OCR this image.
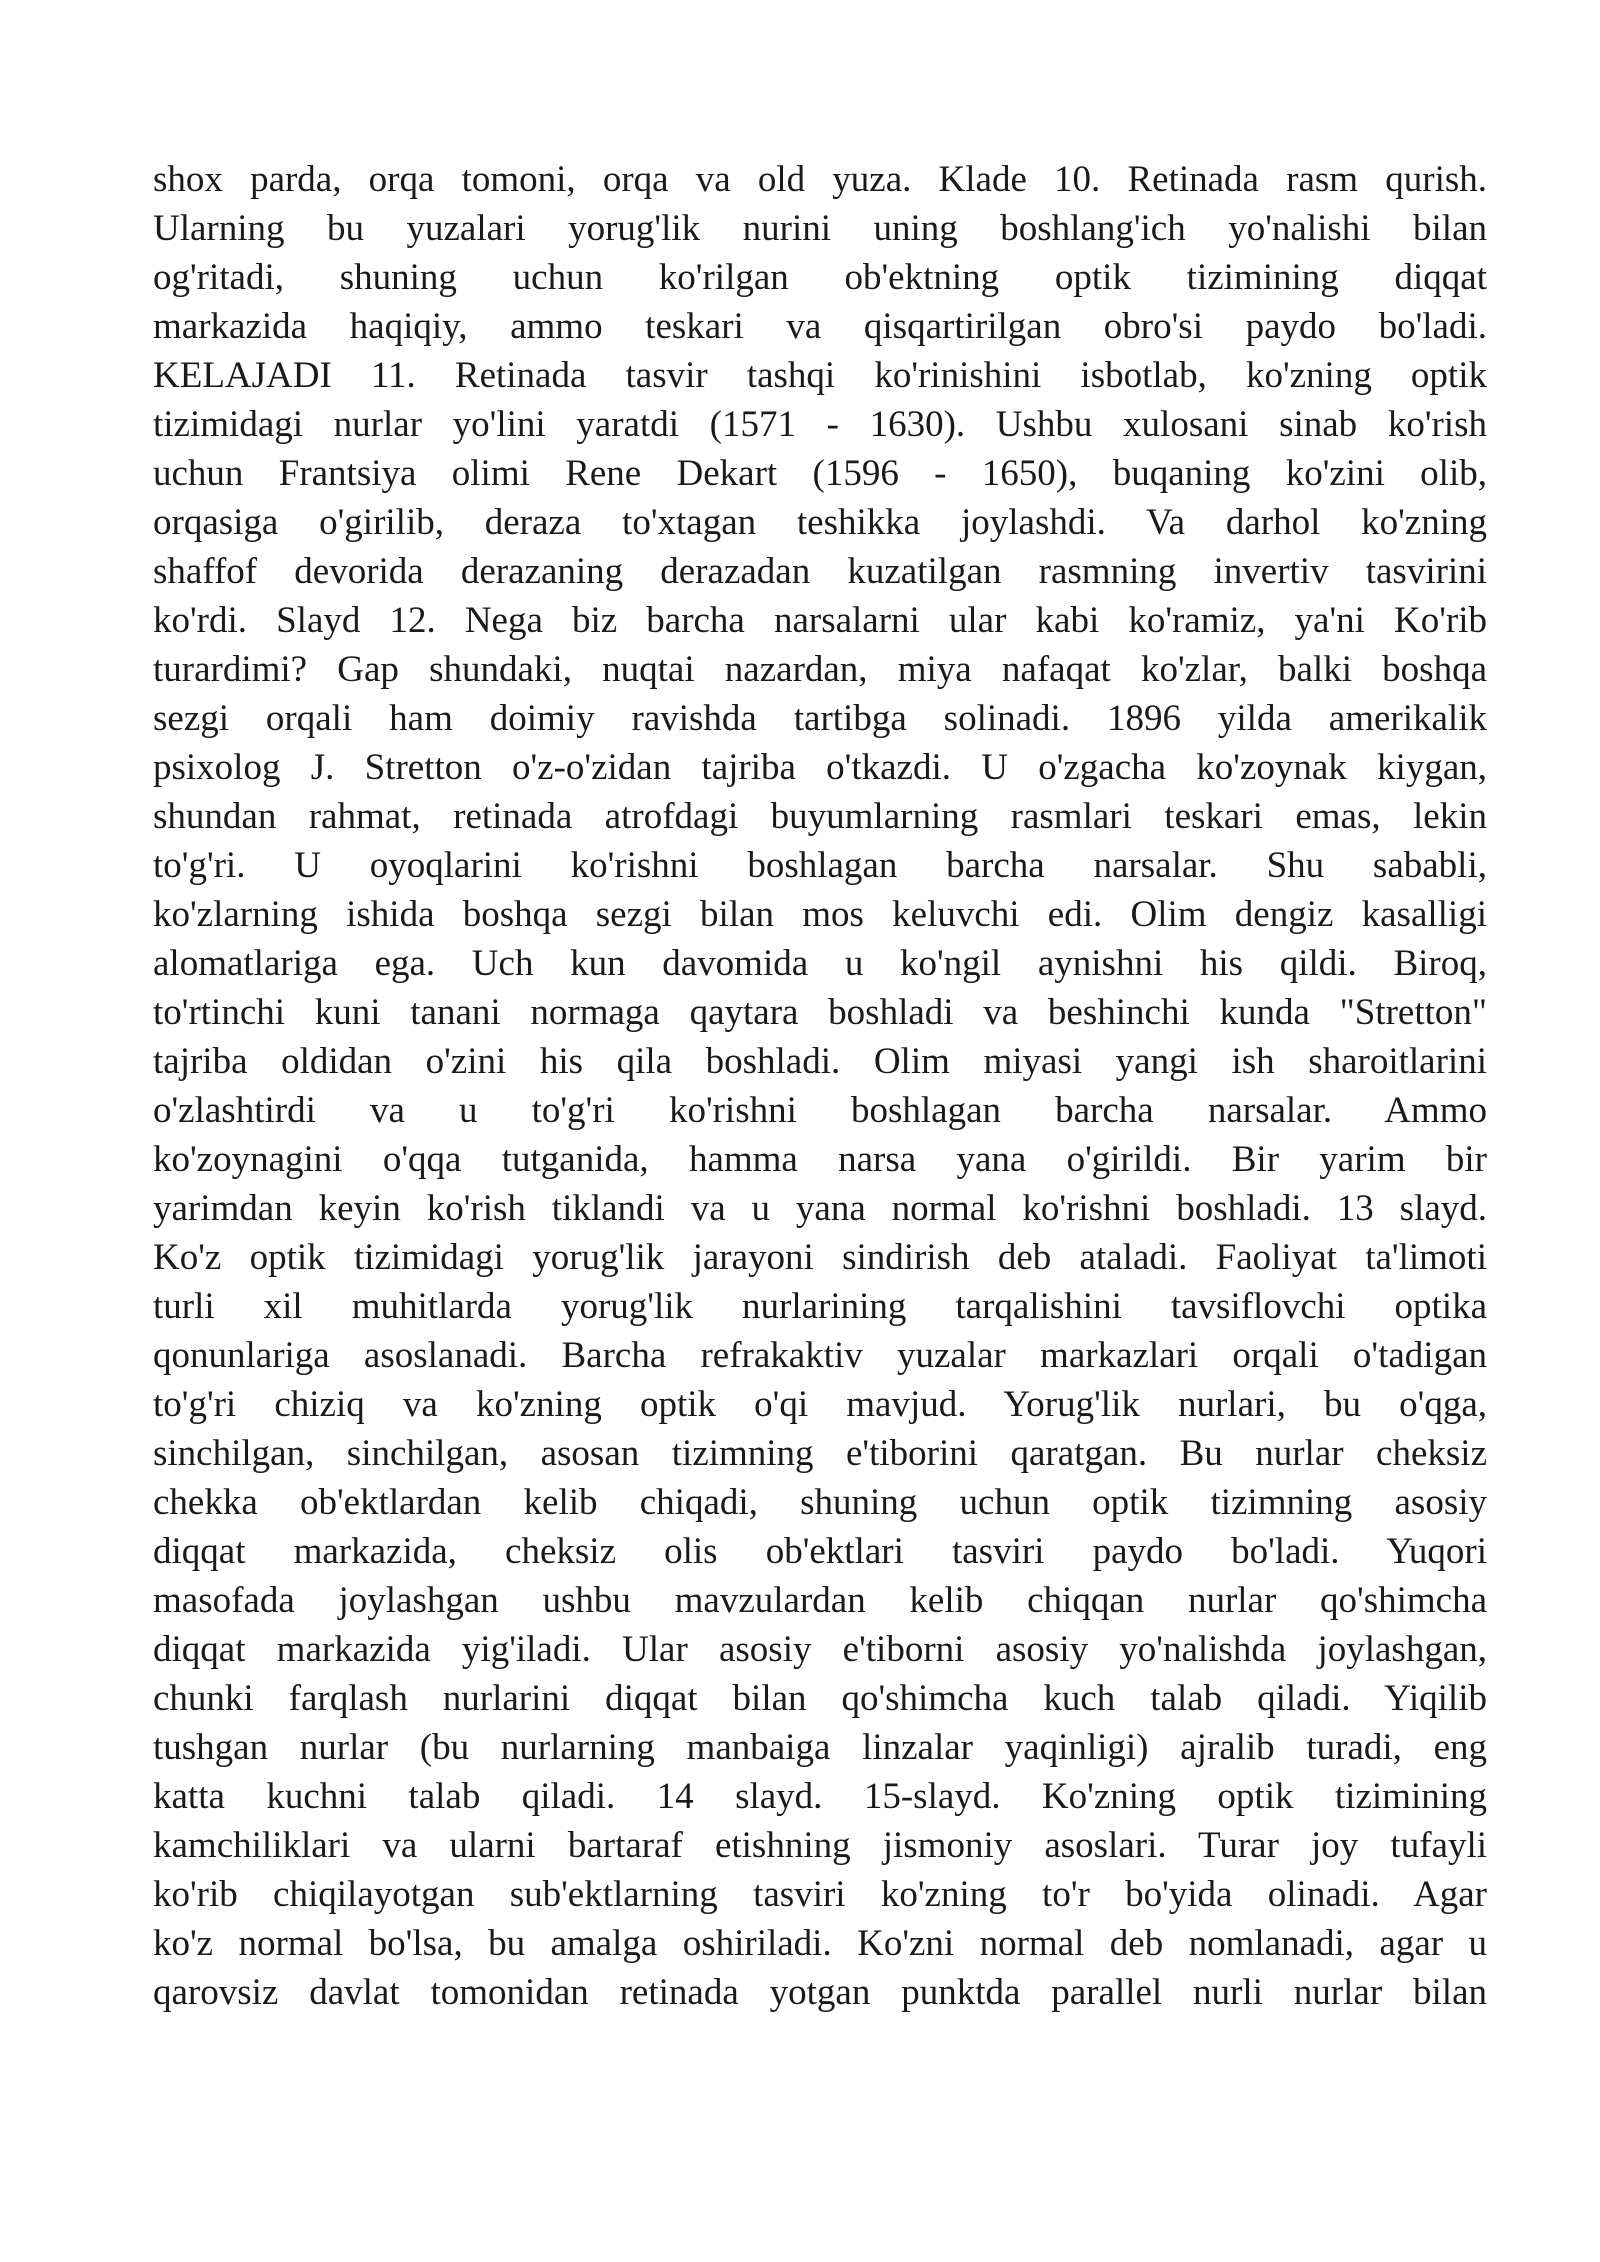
shox parda, orqa tomoni, orqa va old yuza. Klade 10. Retinada rasm qurish.
Ularning bu yuzalari yorug'lik nurini uning boshlang'ich yo'nalishi bilan
og'ritadi, shuning uchun ko'rilgan ob'ektning optik tizimining diqqat
markazida haqiqiy, ammo teskari va qisqartirilgan obro'si paydo bo'ladi.
KELAJADI 11. Retinada tasvir tashqi ko'rinishini isbotlab, ko'zning optik
tizimidagi nurlar yo'lini yaratdi (1571 - 1630). Ushbu xulosani sinab ko'rish
uchun Frantsiya olimi Rene Dekart (1596 - 1650), buqaning ko'zini olib,
orqasiga o'girilib, deraza to'xtagan teshikka joylashdi. Va darhol ko'zning
shaffof devorida derazaning derazadan kuzatilgan rasmning invertiv tasvirini
ko'rdi. Slayd 12. Nega biz barcha narsalarni ular kabi ko'ramiz, ya'ni Ko'rib
turardimi? Gap shundaki, nuqtai nazardan, miya nafaqat ko'zlar, balki boshqa
sezgi orqali ham doimiy ravishda tartibga solinadi. 1896 yilda amerikalik
psixolog J. Stretton o'z-o'zidan tajriba o'tkazdi. U o'zgacha ko'zoynak kiygan,
shundan rahmat, retinada atrofdagi buyumlarning rasmlari teskari emas, lekin
to'g'ri. U oyoqlarini ko'rishni boshlagan barcha narsalar. Shu sababli,
ko'zlarning ishida boshqa sezgi bilan mos keluvchi edi. Olim dengiz kasalligi
alomatlariga ega. Uch kun davomida u ko'ngil aynishni his qildi. Biroq,
to'rtinchi kuni tanani normaga qaytara boshladi va beshinchi kunda "Stretton"
tajriba oldidan o'zini his qila boshladi. Olim miyasi yangi ish sharoitlarini
o'zlashtirdi va u to'g'ri ko'rishni boshlagan barcha narsalar. Ammo
ko'zoynagini o'qqa tutganida, hamma narsa yana o'girildi. Bir yarim bir
yarimdan keyin ko'rish tiklandi va u yana normal ko'rishni boshladi. 13 slayd.
Ko'z optik tizimidagi yorug'lik jarayoni sindirish deb ataladi. Faoliyat ta'limoti
turli xil muhitlarda yorug'lik nurlarining tarqalishini tavsiflovchi optika
qonunlariga asoslanadi. Barcha refrakaktiv yuzalar markazlari orqali o'tadigan
to'g'ri chiziq va ko'zning optik o'qi mavjud. Yorug'lik nurlari, bu o'qga,
sinchilgan, sinchilgan, asosan tizimning e'tiborini qaratgan. Bu nurlar cheksiz
chekka ob'ektlardan kelib chiqadi, shuning uchun optik tizimning asosiy
diqqat markazida, cheksiz olis ob'ektlari tasviri paydo bo'ladi. Yuqori
masofada joylashgan ushbu mavzulardan kelib chiqqan nurlar qo'shimcha
diqqat markazida yig'iladi. Ular asosiy e'tiborni asosiy yo'nalishda joylashgan,
chunki farqlash nurlarini diqqat bilan qo'shimcha kuch talab qiladi. Yiqilib
tushgan nurlar (bu nurlarning manbaiga linzalar yaqinligi) ajralib turadi, eng
katta kuchni talab qiladi. 14 slayd. 15-slayd. Ko'zning optik tizimining
kamchiliklari va ularni bartaraf etishning jismoniy asoslari. Turar joy tufayli
ko'rib chiqilayotgan sub'ektlarning tasviri ko'zning to'r bo'yida olinadi. Agar
ko'z normal bo'lsa, bu amalga oshiriladi. Ko'zni normal deb nomlanadi, agar u
qarovsiz davlat tomonidan retinada yotgan punktda parallel nurli nurlar bilan
